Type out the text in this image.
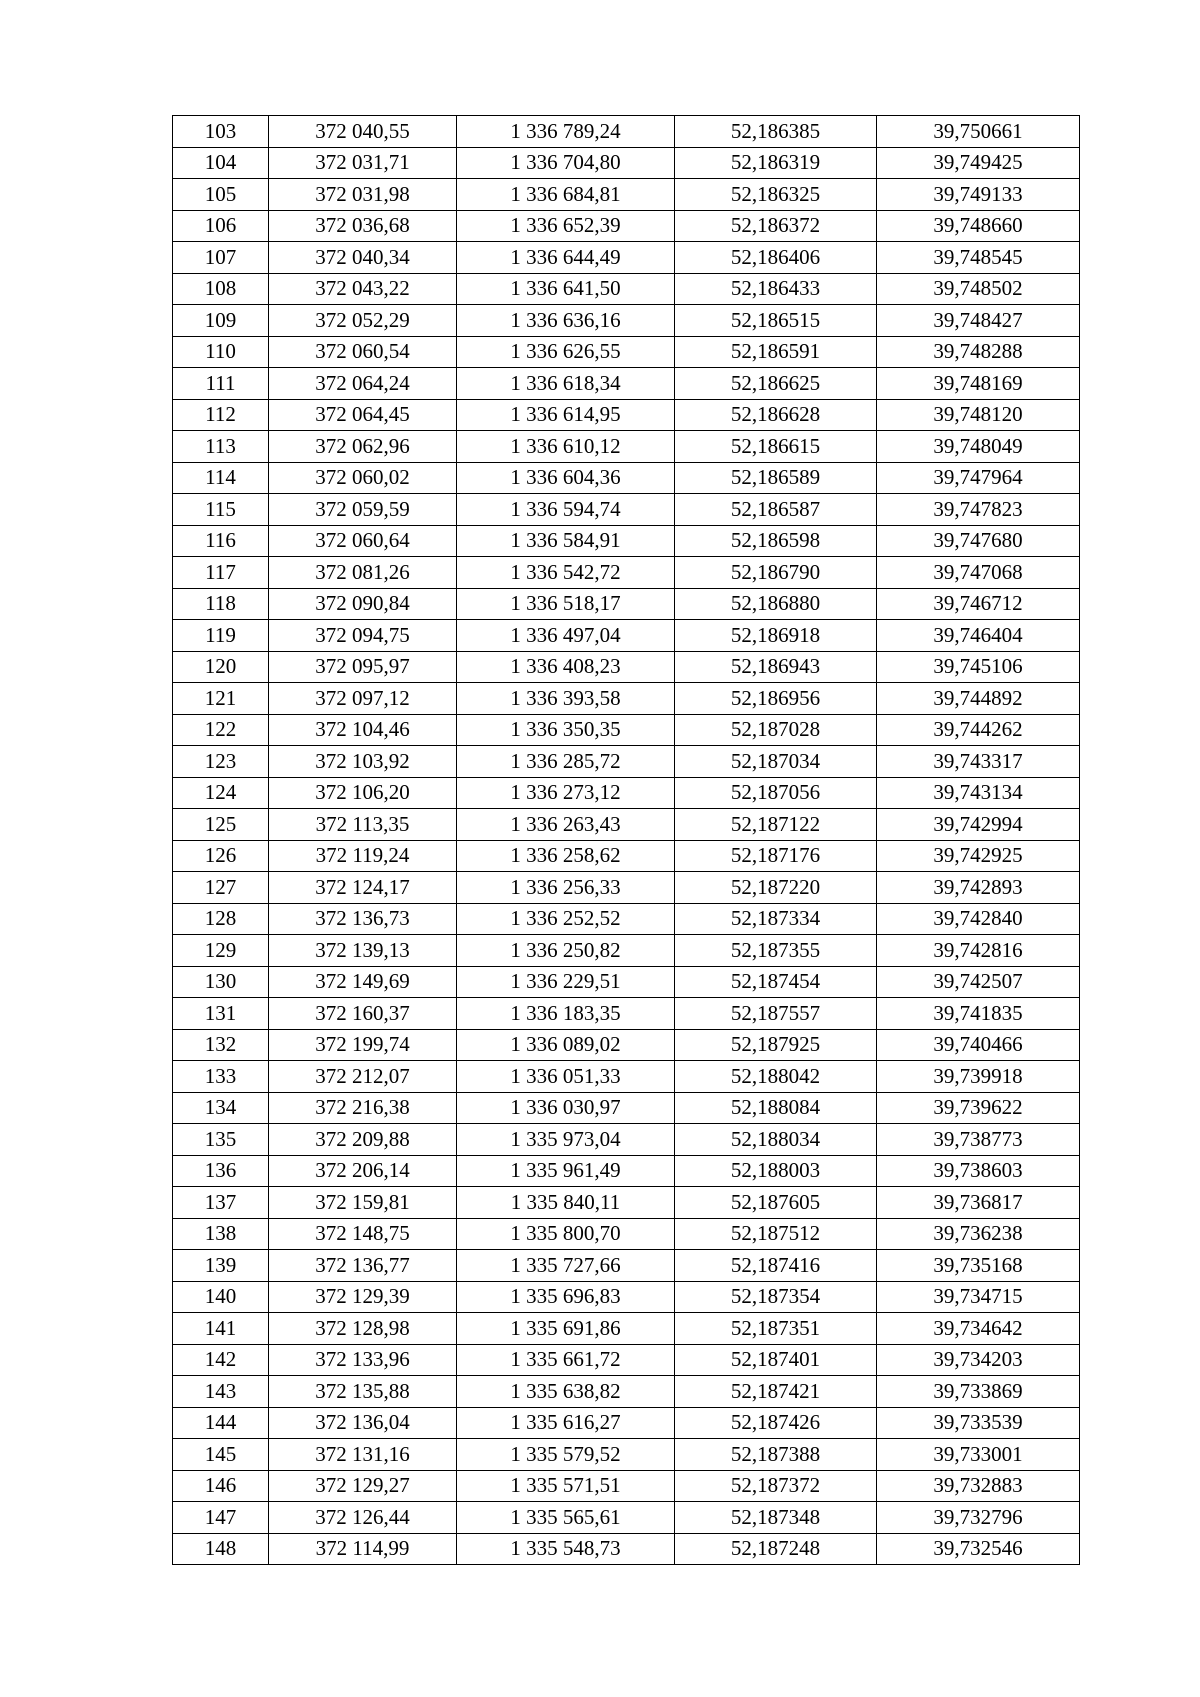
103	372 040,55	1 336 789,24	52,186385	39,750661
104	372 031,71	1 336 704,80	52,186319	39,749425
105	372 031,98	1 336 684,81	52,186325	39,749133
106	372 036,68	1 336 652,39	52,186372	39,748660
107	372 040,34	1 336 644,49	52,186406	39,748545
108	372 043,22	1 336 641,50	52,186433	39,748502
109	372 052,29	1 336 636,16	52,186515	39,748427
110	372 060,54	1 336 626,55	52,186591	39,748288
111	372 064,24	1 336 618,34	52,186625	39,748169
112	372 064,45	1 336 614,95	52,186628	39,748120
113	372 062,96	1 336 610,12	52,186615	39,748049
114	372 060,02	1 336 604,36	52,186589	39,747964
115	372 059,59	1 336 594,74	52,186587	39,747823
116	372 060,64	1 336 584,91	52,186598	39,747680
117	372 081,26	1 336 542,72	52,186790	39,747068
118	372 090,84	1 336 518,17	52,186880	39,746712
119	372 094,75	1 336 497,04	52,186918	39,746404
120	372 095,97	1 336 408,23	52,186943	39,745106
121	372 097,12	1 336 393,58	52,186956	39,744892
122	372 104,46	1 336 350,35	52,187028	39,744262
123	372 103,92	1 336 285,72	52,187034	39,743317
124	372 106,20	1 336 273,12	52,187056	39,743134
125	372 113,35	1 336 263,43	52,187122	39,742994
126	372 119,24	1 336 258,62	52,187176	39,742925
127	372 124,17	1 336 256,33	52,187220	39,742893
128	372 136,73	1 336 252,52	52,187334	39,742840
129	372 139,13	1 336 250,82	52,187355	39,742816
130	372 149,69	1 336 229,51	52,187454	39,742507
131	372 160,37	1 336 183,35	52,187557	39,741835
132	372 199,74	1 336 089,02	52,187925	39,740466
133	372 212,07	1 336 051,33	52,188042	39,739918
134	372 216,38	1 336 030,97	52,188084	39,739622
135	372 209,88	1 335 973,04	52,188034	39,738773
136	372 206,14	1 335 961,49	52,188003	39,738603
137	372 159,81	1 335 840,11	52,187605	39,736817
138	372 148,75	1 335 800,70	52,187512	39,736238
139	372 136,77	1 335 727,66	52,187416	39,735168
140	372 129,39	1 335 696,83	52,187354	39,734715
141	372 128,98	1 335 691,86	52,187351	39,734642
142	372 133,96	1 335 661,72	52,187401	39,734203
143	372 135,88	1 335 638,82	52,187421	39,733869
144	372 136,04	1 335 616,27	52,187426	39,733539
145	372 131,16	1 335 579,52	52,187388	39,733001
146	372 129,27	1 335 571,51	52,187372	39,732883
147	372 126,44	1 335 565,61	52,187348	39,732796
148	372 114,99	1 335 548,73	52,187248	39,732546
